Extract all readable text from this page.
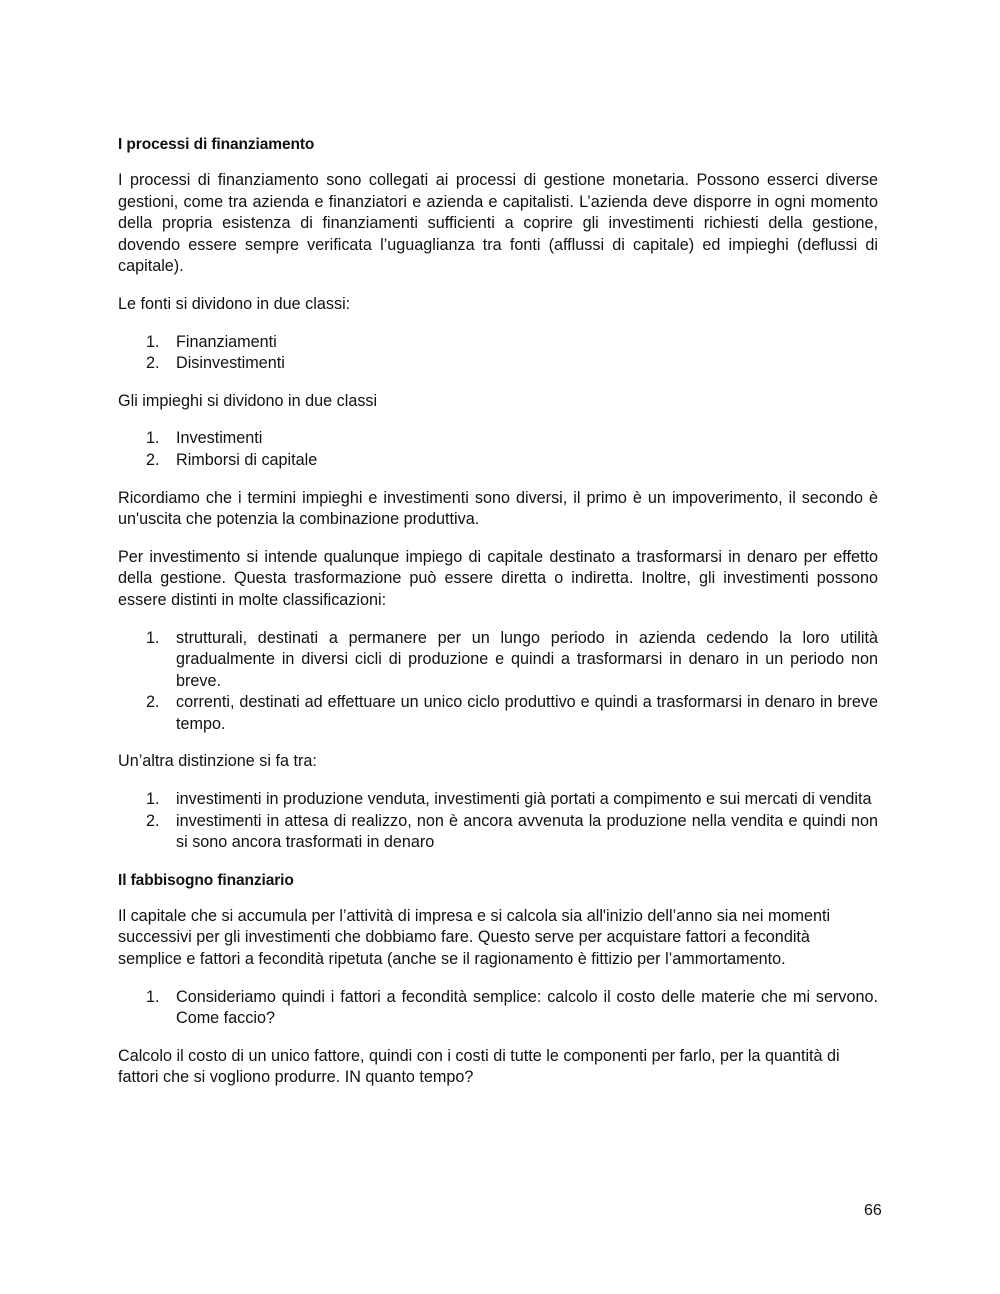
I processi di finanziamento

I processi di finanziamento sono collegati ai processi di gestione monetaria. Possono esserci diverse gestioni, come tra azienda e finanziatori e azienda e capitalisti. L’azienda deve disporre in ogni momento della propria esistenza di finanziamenti sufficienti a coprire gli investimenti richiesti della gestione, dovendo essere sempre verificata l’uguaglianza tra fonti (afflussi di capitale) ed impieghi (deflussi di capitale).

Le fonti si dividono in due classi:

1.	Finanziamenti
2.	Disinvestimenti

Gli impieghi si dividono in due classi

1.	Investimenti
2.	Rimborsi di capitale

Ricordiamo che i termini impieghi e investimenti sono diversi, il primo è un impoverimento, il secondo è un'uscita che potenzia la combinazione produttiva.

Per investimento si intende qualunque impiego di capitale destinato a trasformarsi in denaro per effetto della gestione. Questa trasformazione può essere diretta o indiretta. Inoltre, gli investimenti possono essere distinti in molte classificazioni:

1.	strutturali, destinati a permanere per un lungo periodo in azienda cedendo la loro utilità gradualmente in diversi cicli di produzione e quindi a trasformarsi in denaro in un periodo non breve.
2.	correnti, destinati ad effettuare un unico ciclo produttivo e quindi a trasformarsi in denaro in breve tempo.

Un’altra distinzione si fa tra:

1.	investimenti in produzione venduta, investimenti già portati a compimento e sui mercati di vendita
2.	investimenti in attesa di realizzo, non è ancora avvenuta la produzione nella vendita e quindi non si sono ancora trasformati in denaro
Il fabbisogno finanziario

Il capitale che si accumula per l’attività di impresa e si calcola sia all'inizio dell’anno sia nei momenti successivi per gli investimenti che dobbiamo fare. Questo serve per acquistare fattori a fecondità semplice e fattori a fecondità ripetuta (anche se il ragionamento è fittizio per l’ammortamento.

1.	Consideriamo quindi i fattori a fecondità semplice: calcolo il costo delle materie che mi servono. Come faccio?

Calcolo il costo di un unico fattore, quindi con i costi di tutte le componenti per farlo, per la quantità di fattori che si vogliono produrre. IN quanto tempo?

66
